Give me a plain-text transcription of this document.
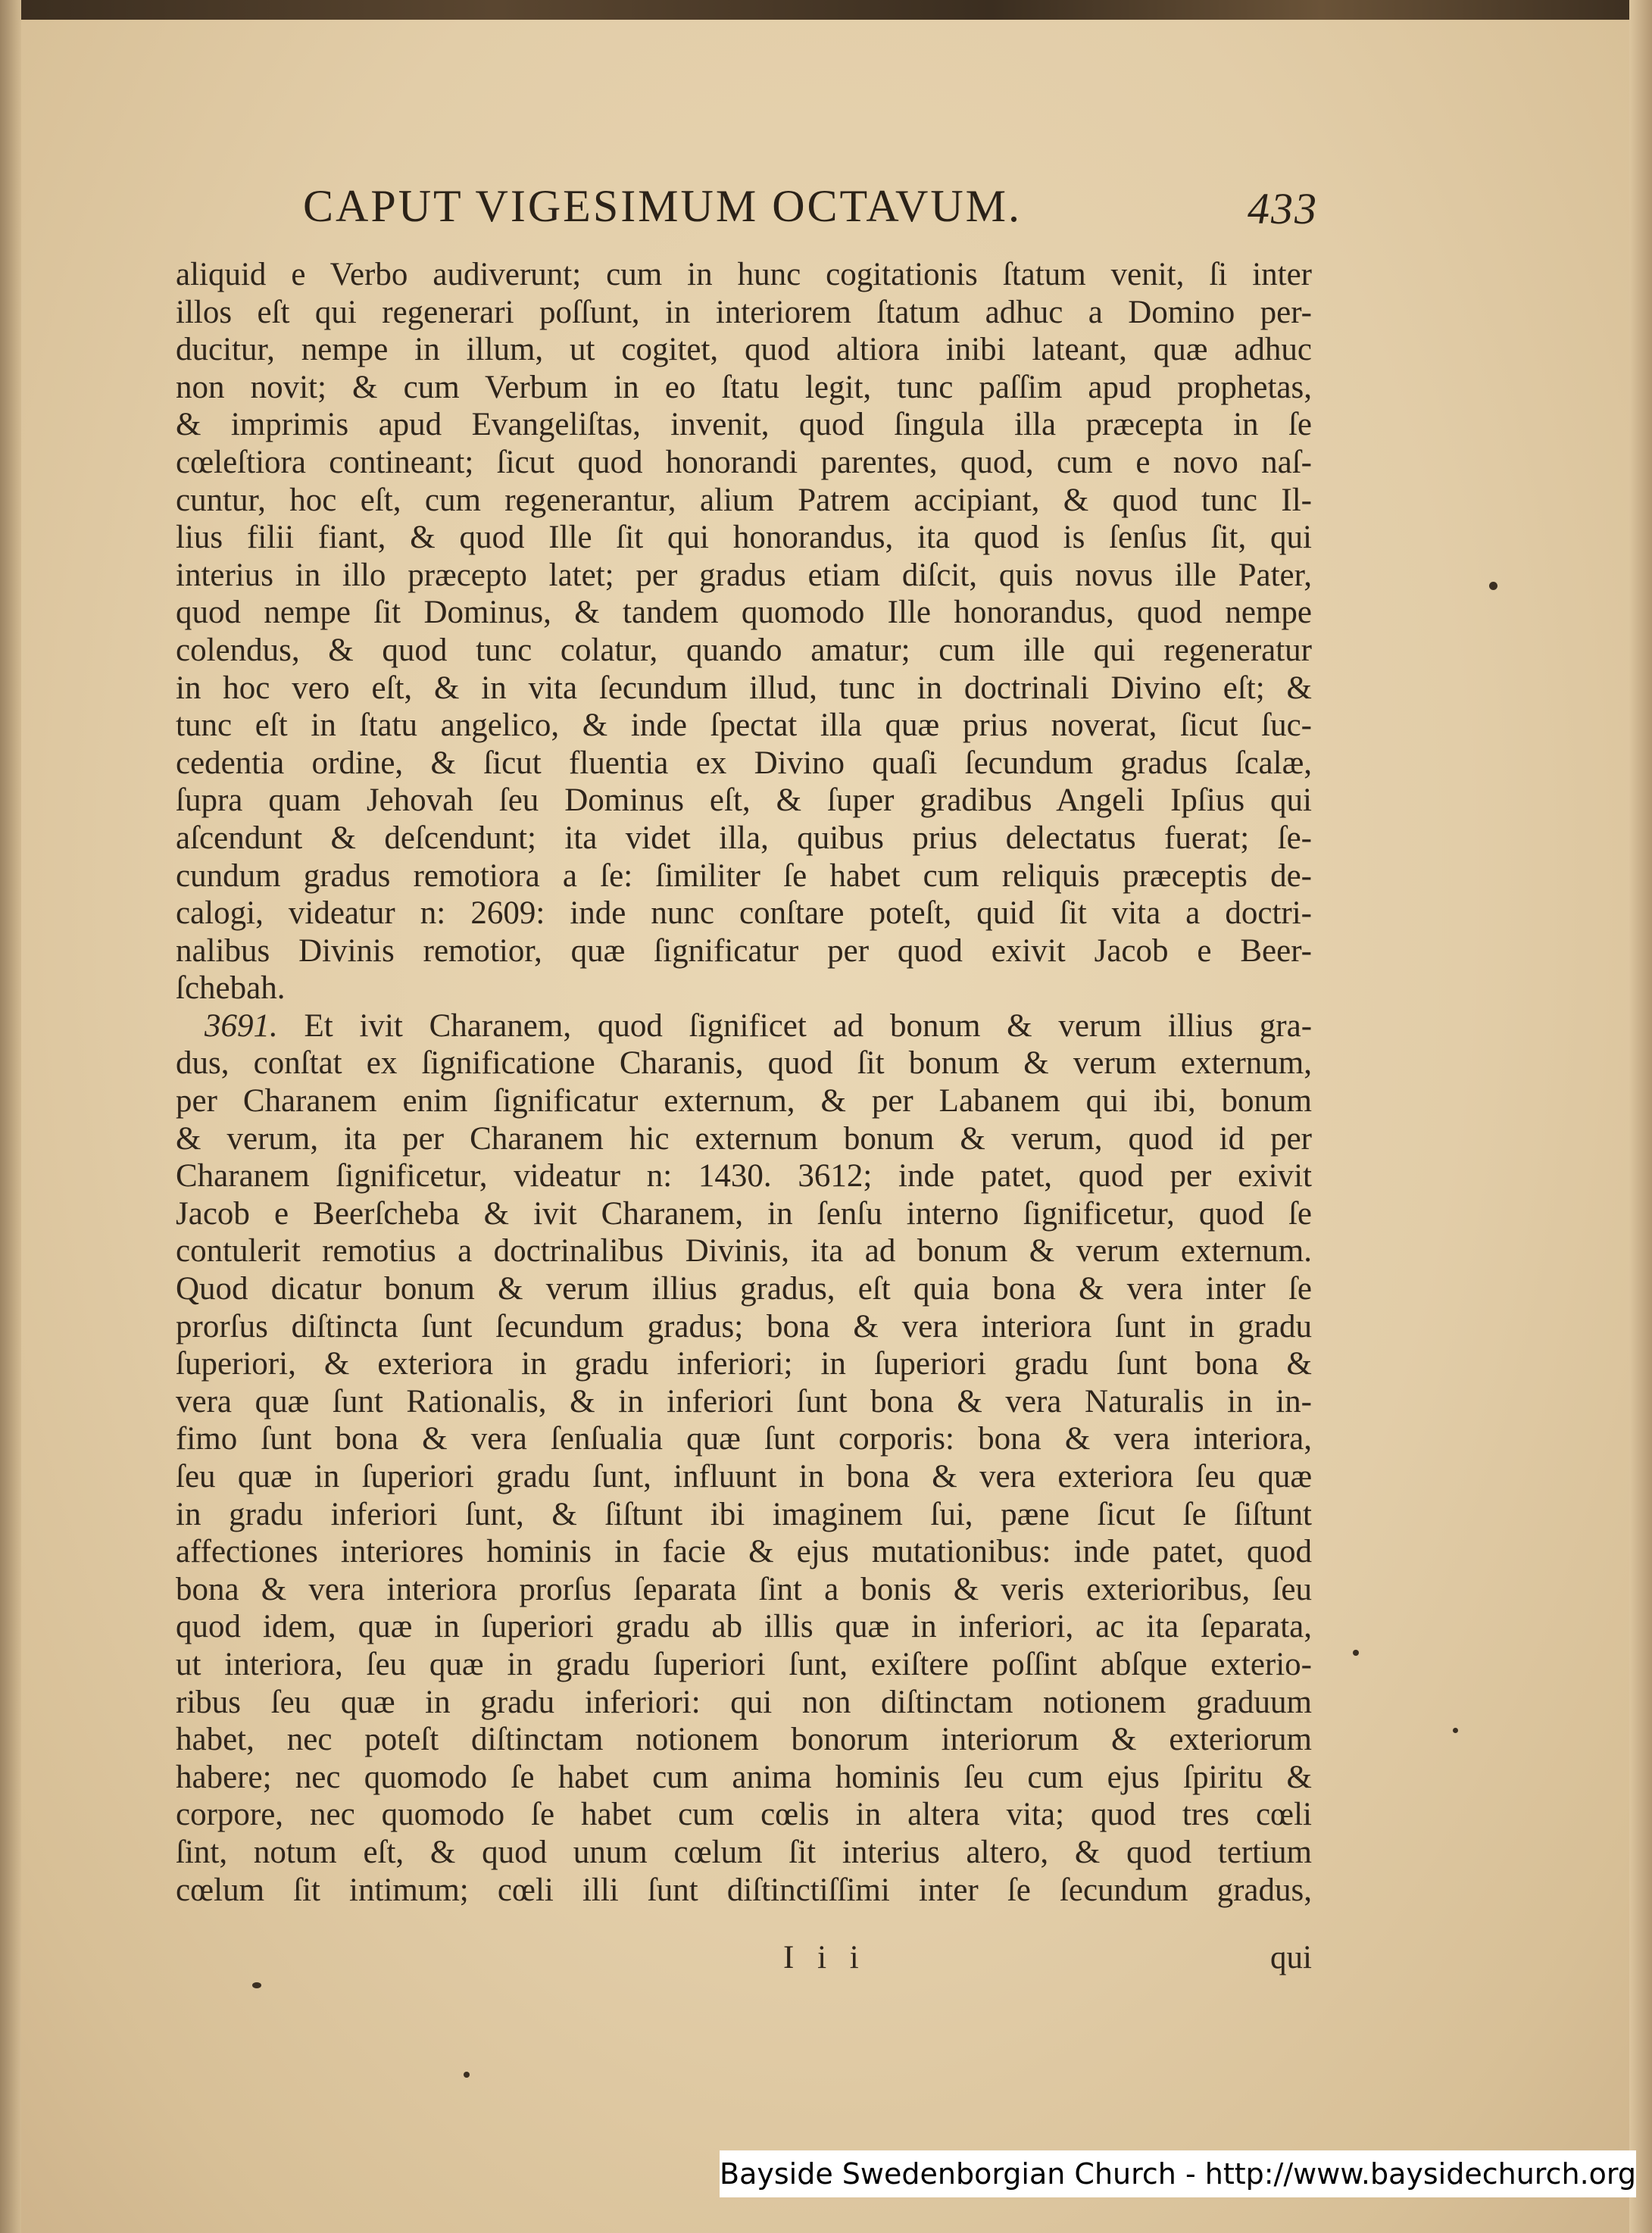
CAPUT VIGESIMUM OCTAVUM.	433
aliquid e Verbo audiverunt; cum in hunc cogitationis ſtatum venit, ſi inter
illos eſt qui regenerari poſſunt, in interiorem ſtatum adhuc a Domino per-
ducitur, nempe in illum, ut cogitet, quod altiora inibi lateant, quæ adhuc
non novit; & cum Verbum in eo ſtatu legit, tunc paſſim apud prophetas,
& imprimis apud Evangeliſtas, invenit, quod ſingula illa præcepta in ſe
cœleſtiora contineant; ſicut quod honorandi parentes, quod, cum e novo naſ-
cuntur, hoc eſt, cum regenerantur, alium Patrem accipiant, & quod tunc Il-
lius filii fiant, & quod Ille ſit qui honorandus, ita quod is ſenſus ſit, qui
interius in illo præcepto latet; per gradus etiam diſcit, quis novus ille Pater,
quod nempe ſit Dominus, & tandem quomodo Ille honorandus, quod nempe
colendus, & quod tunc colatur, quando amatur; cum ille qui regeneratur
in hoc vero eſt, & in vita ſecundum illud, tunc in doctrinali Divino eſt; &
tunc eſt in ſtatu angelico, & inde ſpectat illa quæ prius noverat, ſicut ſuc-
cedentia ordine, & ſicut fluentia ex Divino quaſi ſecundum gradus ſcalæ,
ſupra quam Jehovah ſeu Dominus eſt, & ſuper gradibus Angeli Ipſius qui
aſcendunt & deſcendunt; ita videt illa, quibus prius delectatus fuerat; ſe-
cundum gradus remotiora a ſe: ſimiliter ſe habet cum reliquis præceptis de-
calogi, videatur n: 2609: inde nunc conſtare poteſt, quid ſit vita a doctri-
nalibus Divinis remotior, quæ ſignificatur per quod exivit Jacob e Beer-
ſchebah.
3691. Et ivit Charanem, quod ſignificet ad bonum & verum illius gra-
dus, conſtat ex ſignificatione Charanis, quod ſit bonum & verum externum,
per Charanem enim ſignificatur externum, & per Labanem qui ibi, bonum
& verum, ita per Charanem hic externum bonum & verum, quod id per
Charanem ſignificetur, videatur n: 1430. 3612; inde patet, quod per exivit
Jacob e Beerſcheba & ivit Charanem, in ſenſu interno ſignificetur, quod ſe
contulerit remotius a doctrinalibus Divinis, ita ad bonum & verum externum.
Quod dicatur bonum & verum illius gradus, eſt quia bona & vera inter ſe
prorſus diſtincta ſunt ſecundum gradus; bona & vera interiora ſunt in gradu
ſuperiori, & exteriora in gradu inferiori; in ſuperiori gradu ſunt bona &
vera quæ ſunt Rationalis, & in inferiori ſunt bona & vera Naturalis in in-
fimo ſunt bona & vera ſenſualia quæ ſunt corporis: bona & vera interiora,
ſeu quæ in ſuperiori gradu ſunt, influunt in bona & vera exteriora ſeu quæ
in gradu inferiori ſunt, & ſiſtunt ibi imaginem ſui, pæne ſicut ſe ſiſtunt
affectiones interiores hominis in facie & ejus mutationibus: inde patet, quod
bona & vera interiora prorſus ſeparata ſint a bonis & veris exterioribus, ſeu
quod idem, quæ in ſuperiori gradu ab illis quæ in inferiori, ac ita ſeparata,
ut interiora, ſeu quæ in gradu ſuperiori ſunt, exiſtere poſſint abſque exterio-
ribus ſeu quæ in gradu inferiori: qui non diſtinctam notionem graduum
habet, nec poteſt diſtinctam notionem bonorum interiorum & exteriorum
habere; nec quomodo ſe habet cum anima hominis ſeu cum ejus ſpiritu &
corpore, nec quomodo ſe habet cum cœlis in altera vita; quod tres cœli
ſint, notum eſt, & quod unum cœlum ſit interius altero, & quod tertium
cœlum ſit intimum; cœli illi ſunt diſtinctiſſimi inter ſe ſecundum gradus,
I i i	qui
Bayside Swedenborgian Church - http://www.baysidechurch.org
